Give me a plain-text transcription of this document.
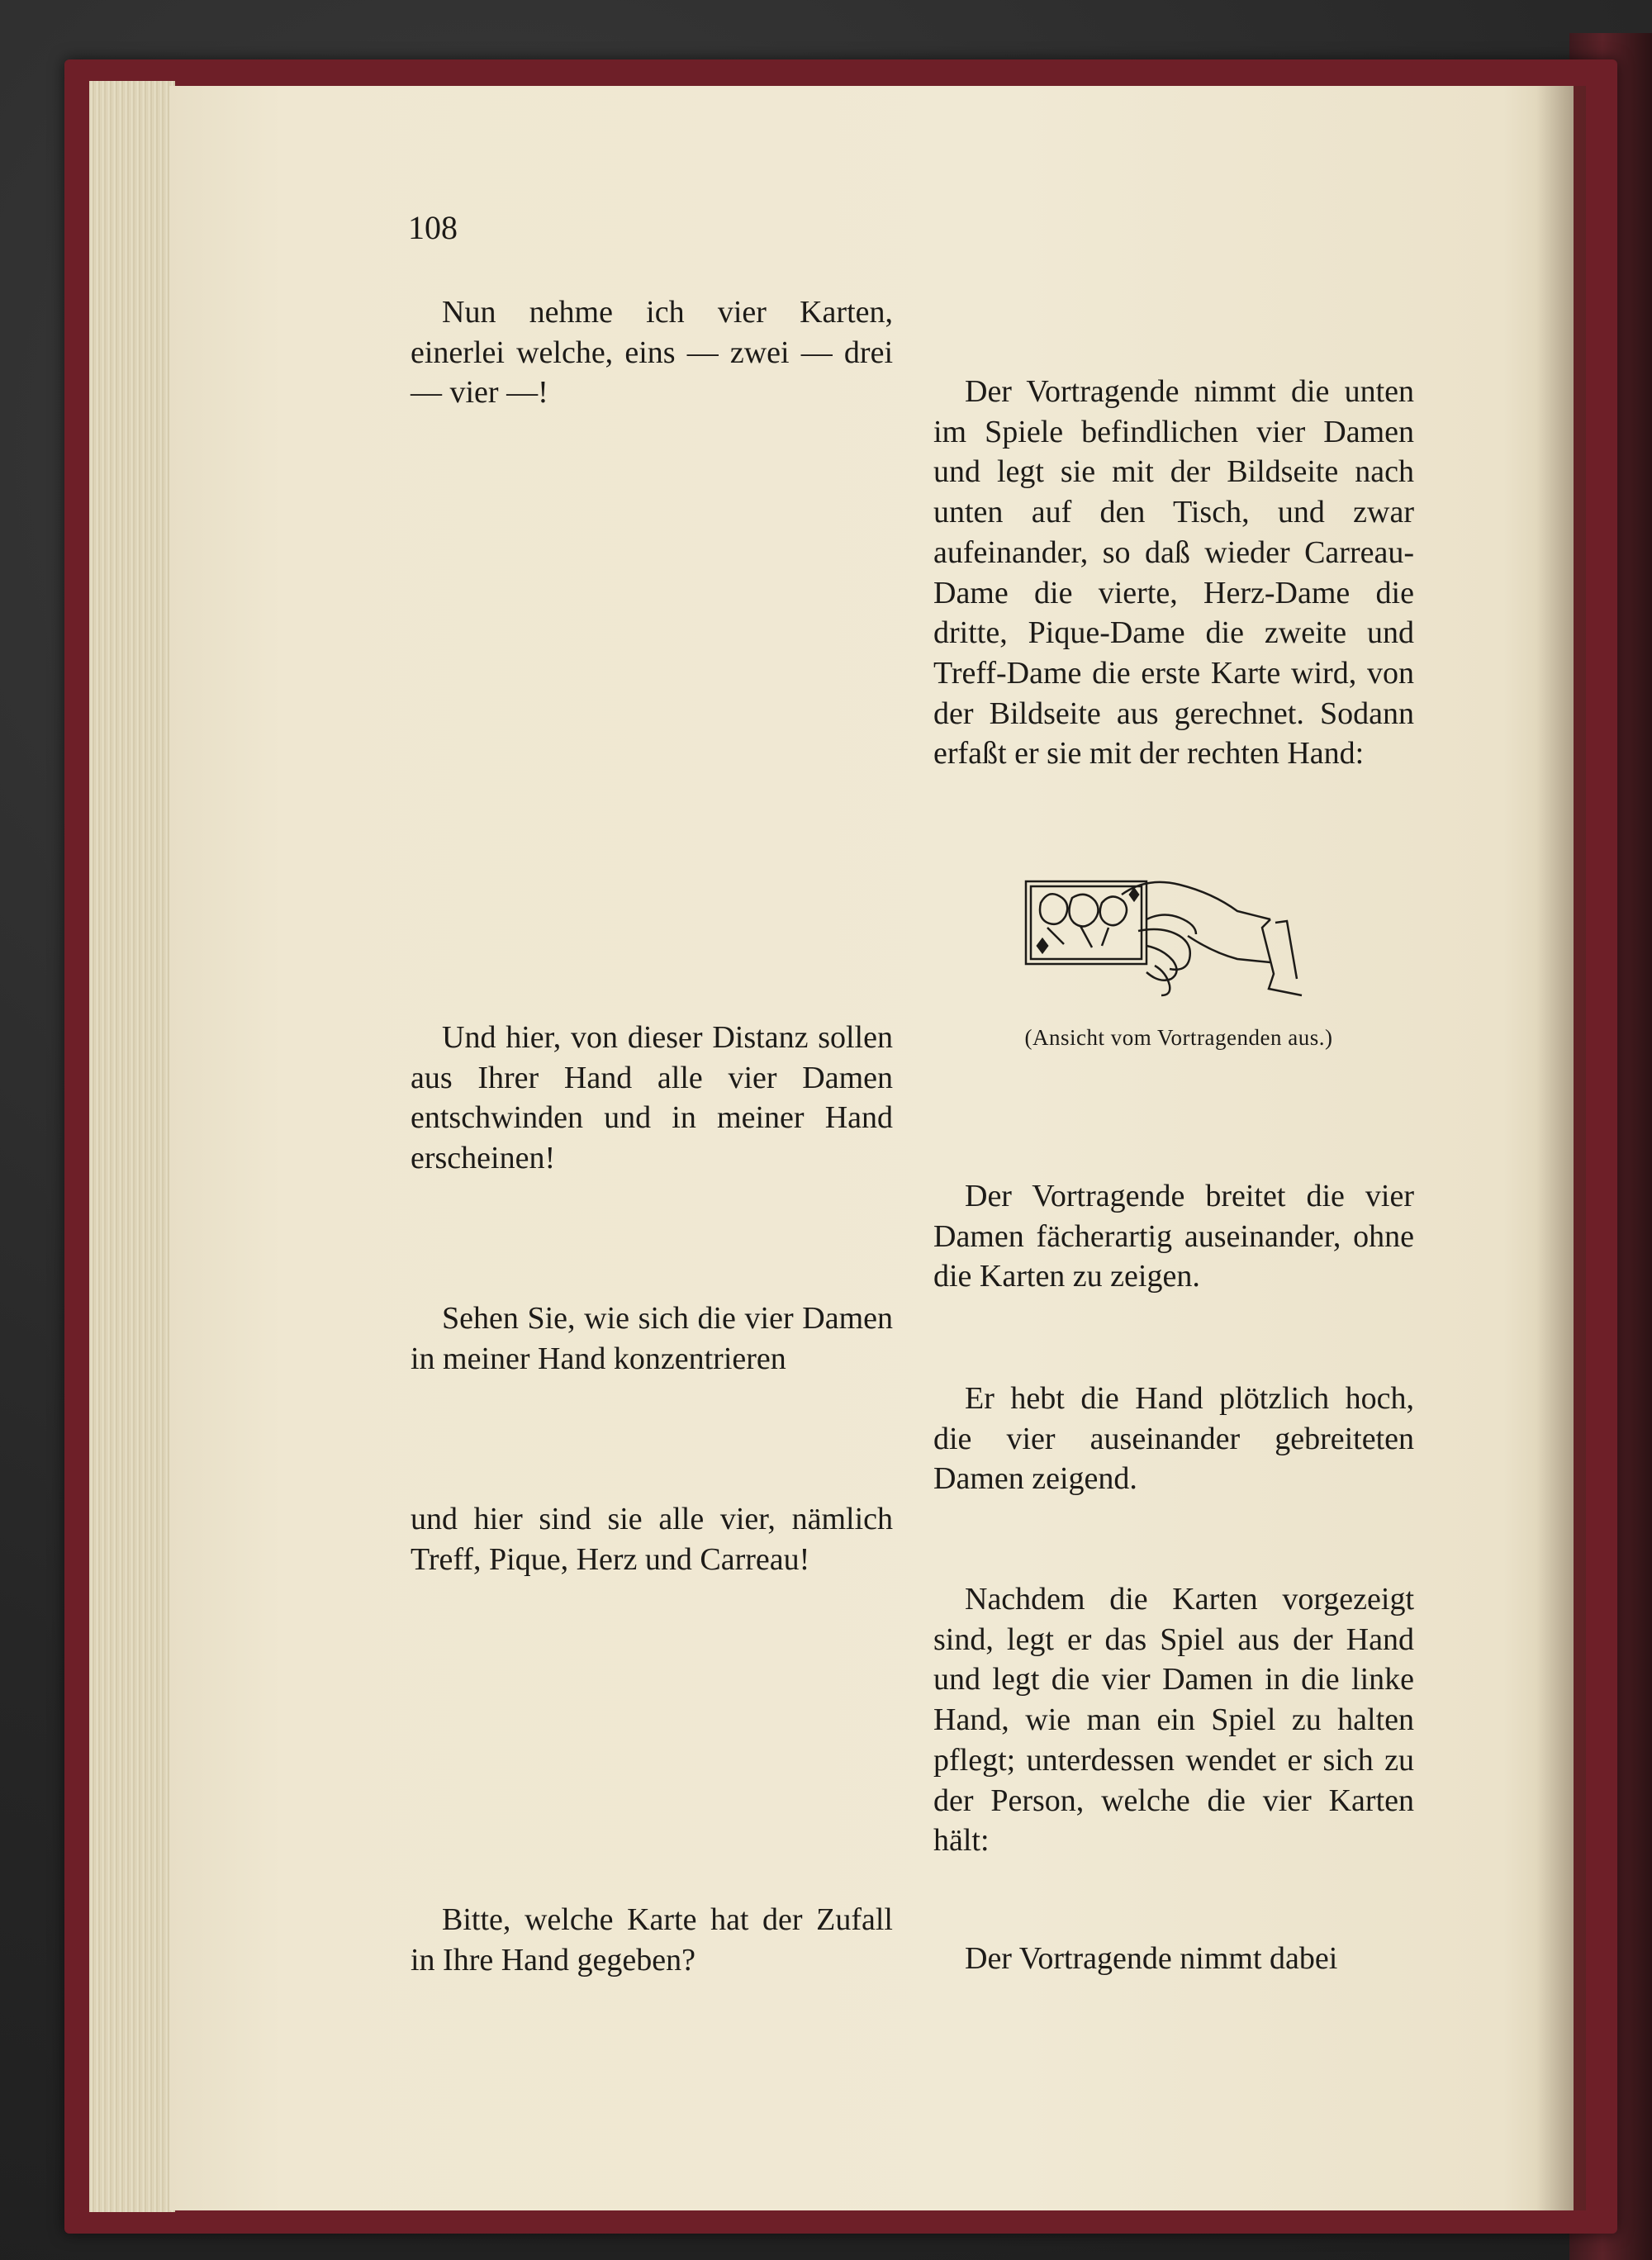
108

Nun nehme ich vier Karten, einerlei welche, eins — zwei — drei — vier —!

Und hier, von dieser Distanz sollen aus Ihrer Hand alle vier Damen entschwinden und in meiner Hand erscheinen!

Sehen Sie, wie sich die vier Damen in meiner Hand konzentrieren

und hier sind sie alle vier, nämlich Treff, Pique, Herz und Carreau!

Bitte, welche Karte hat der Zufall in Ihre Hand gegeben?

Der Vortragende nimmt die unten im Spiele befindlichen vier Damen und legt sie mit der Bildseite nach unten auf den Tisch, und zwar aufeinander, so daß wieder Carreau-Dame die vierte, Herz-Dame die dritte, Pique-Dame die zweite und Treff-Dame die erste Karte wird, von der Bildseite aus gerechnet. Sodann erfaßt er sie mit der rechten Hand:

(Ansicht vom Vortragenden aus.)

Der Vortragende breitet die vier Damen fächerartig auseinander, ohne die Karten zu zeigen.

Er hebt die Hand plötzlich hoch, die vier auseinander gebreiteten Damen zeigend.

Nachdem die Karten vorgezeigt sind, legt er das Spiel aus der Hand und legt die vier Damen in die linke Hand, wie man ein Spiel zu halten pflegt; unterdessen wendet er sich zu der Person, welche die vier Karten hält:

Der Vortragende nimmt dabei
